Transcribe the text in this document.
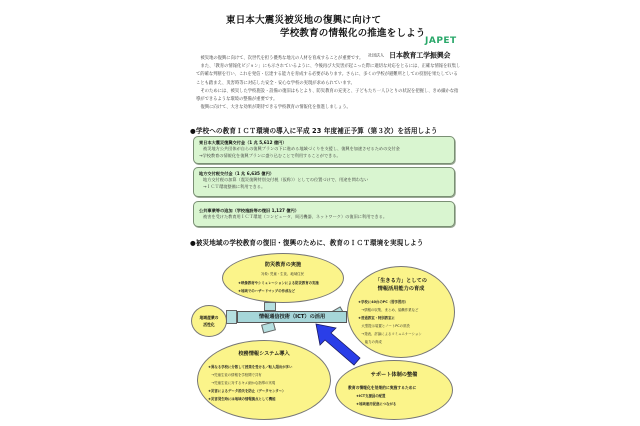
東日本大震災被災地の復興に向けて
学校教育の情報化の推進をしよう
JAPET
社団法人 日本教育工学振興会

被災地の復興に向けて、次世代を担う優秀な地元の人材を育成することが重要です。

また、「教育の情報化ビジョン」にも示されているように、今後再び大災害が起こった際に適切な対応をとるには、正確な情報を収集して的確な判断を行い、これを発信・伝達する能力を育成する必要があります。さらに、多くの学校が避難所としての役割を果たしていることも踏まえ、災害時等に対応した安全・安心な学校の実現が求められています。

そのためには、被災した学校施設・設備の復旧はもとより、防災教育の充実と、子どもたち一人ひとりの状況を把握し、きめ細かな指導ができるような環境の整備が重要です。

復興に向けて、大きな効果が期待できる学校教育の情報化を推進しましょう。

●学校への教育ＩＣＴ環境の導入に平成 23 年度補正予算（第３次）を活用しよう
東日本大震災復興交付金（1 兆 5,612 億円）
被災地方公共団体が自らの復興プランの下に進める地域づくりを支援し、復興を加速させるための交付金
→学校教育の情報化を復興プランに盛り込むことで利用することができる。
地方交付税交付金（1 兆 6,635 億円）
地方交付税の加算（震災復興特別交付税（仮称））としての位置づけで、用途を問わない
→ＩＣＴ環境整備に利用できる。
公共事業等の追加（学校施設等の復旧 1,127 億円）
被害を受けた教育用ＩＣＴ環境（コンピュータ、周辺機器、ネットワーク）の復旧に利用できる。
●被災地域の学校教育の復旧・復興のために、教育のＩＣＴ環境を実現しよう
防災教育の実施
対象: 児童・生徒、地域住民
★映像教材やシミュレーションによる防災教育の実施
★地域でのハザードマップの作成など
地域産業の
活性化
「生きる力」としての
情報活用能力の育成
★学校に40台のPC（習学習用）
　→情報の収集、まとめ、協働作業など
★普通教室・特別教室に
　大型提示装置とノートPCの常設
　→発表、討論によるコミュニケーション
　　能力の育成
情報通信技術（ICT）の活用
校務情報システム導入
★異なる学校に分散して授業を受ける／転入超出が多い
　→児童生徒の情報を学校間で共有
　→児童生徒に対するキメ細かな指導の実現
★災害によるデータ消失を防止（データセンター）
★災害発生時には地域の情報拠点として機能
サポート体制の整備
教育の情報化を効果的に実施するために
★ICT支援員の配置
★地域雇用促進につながる
